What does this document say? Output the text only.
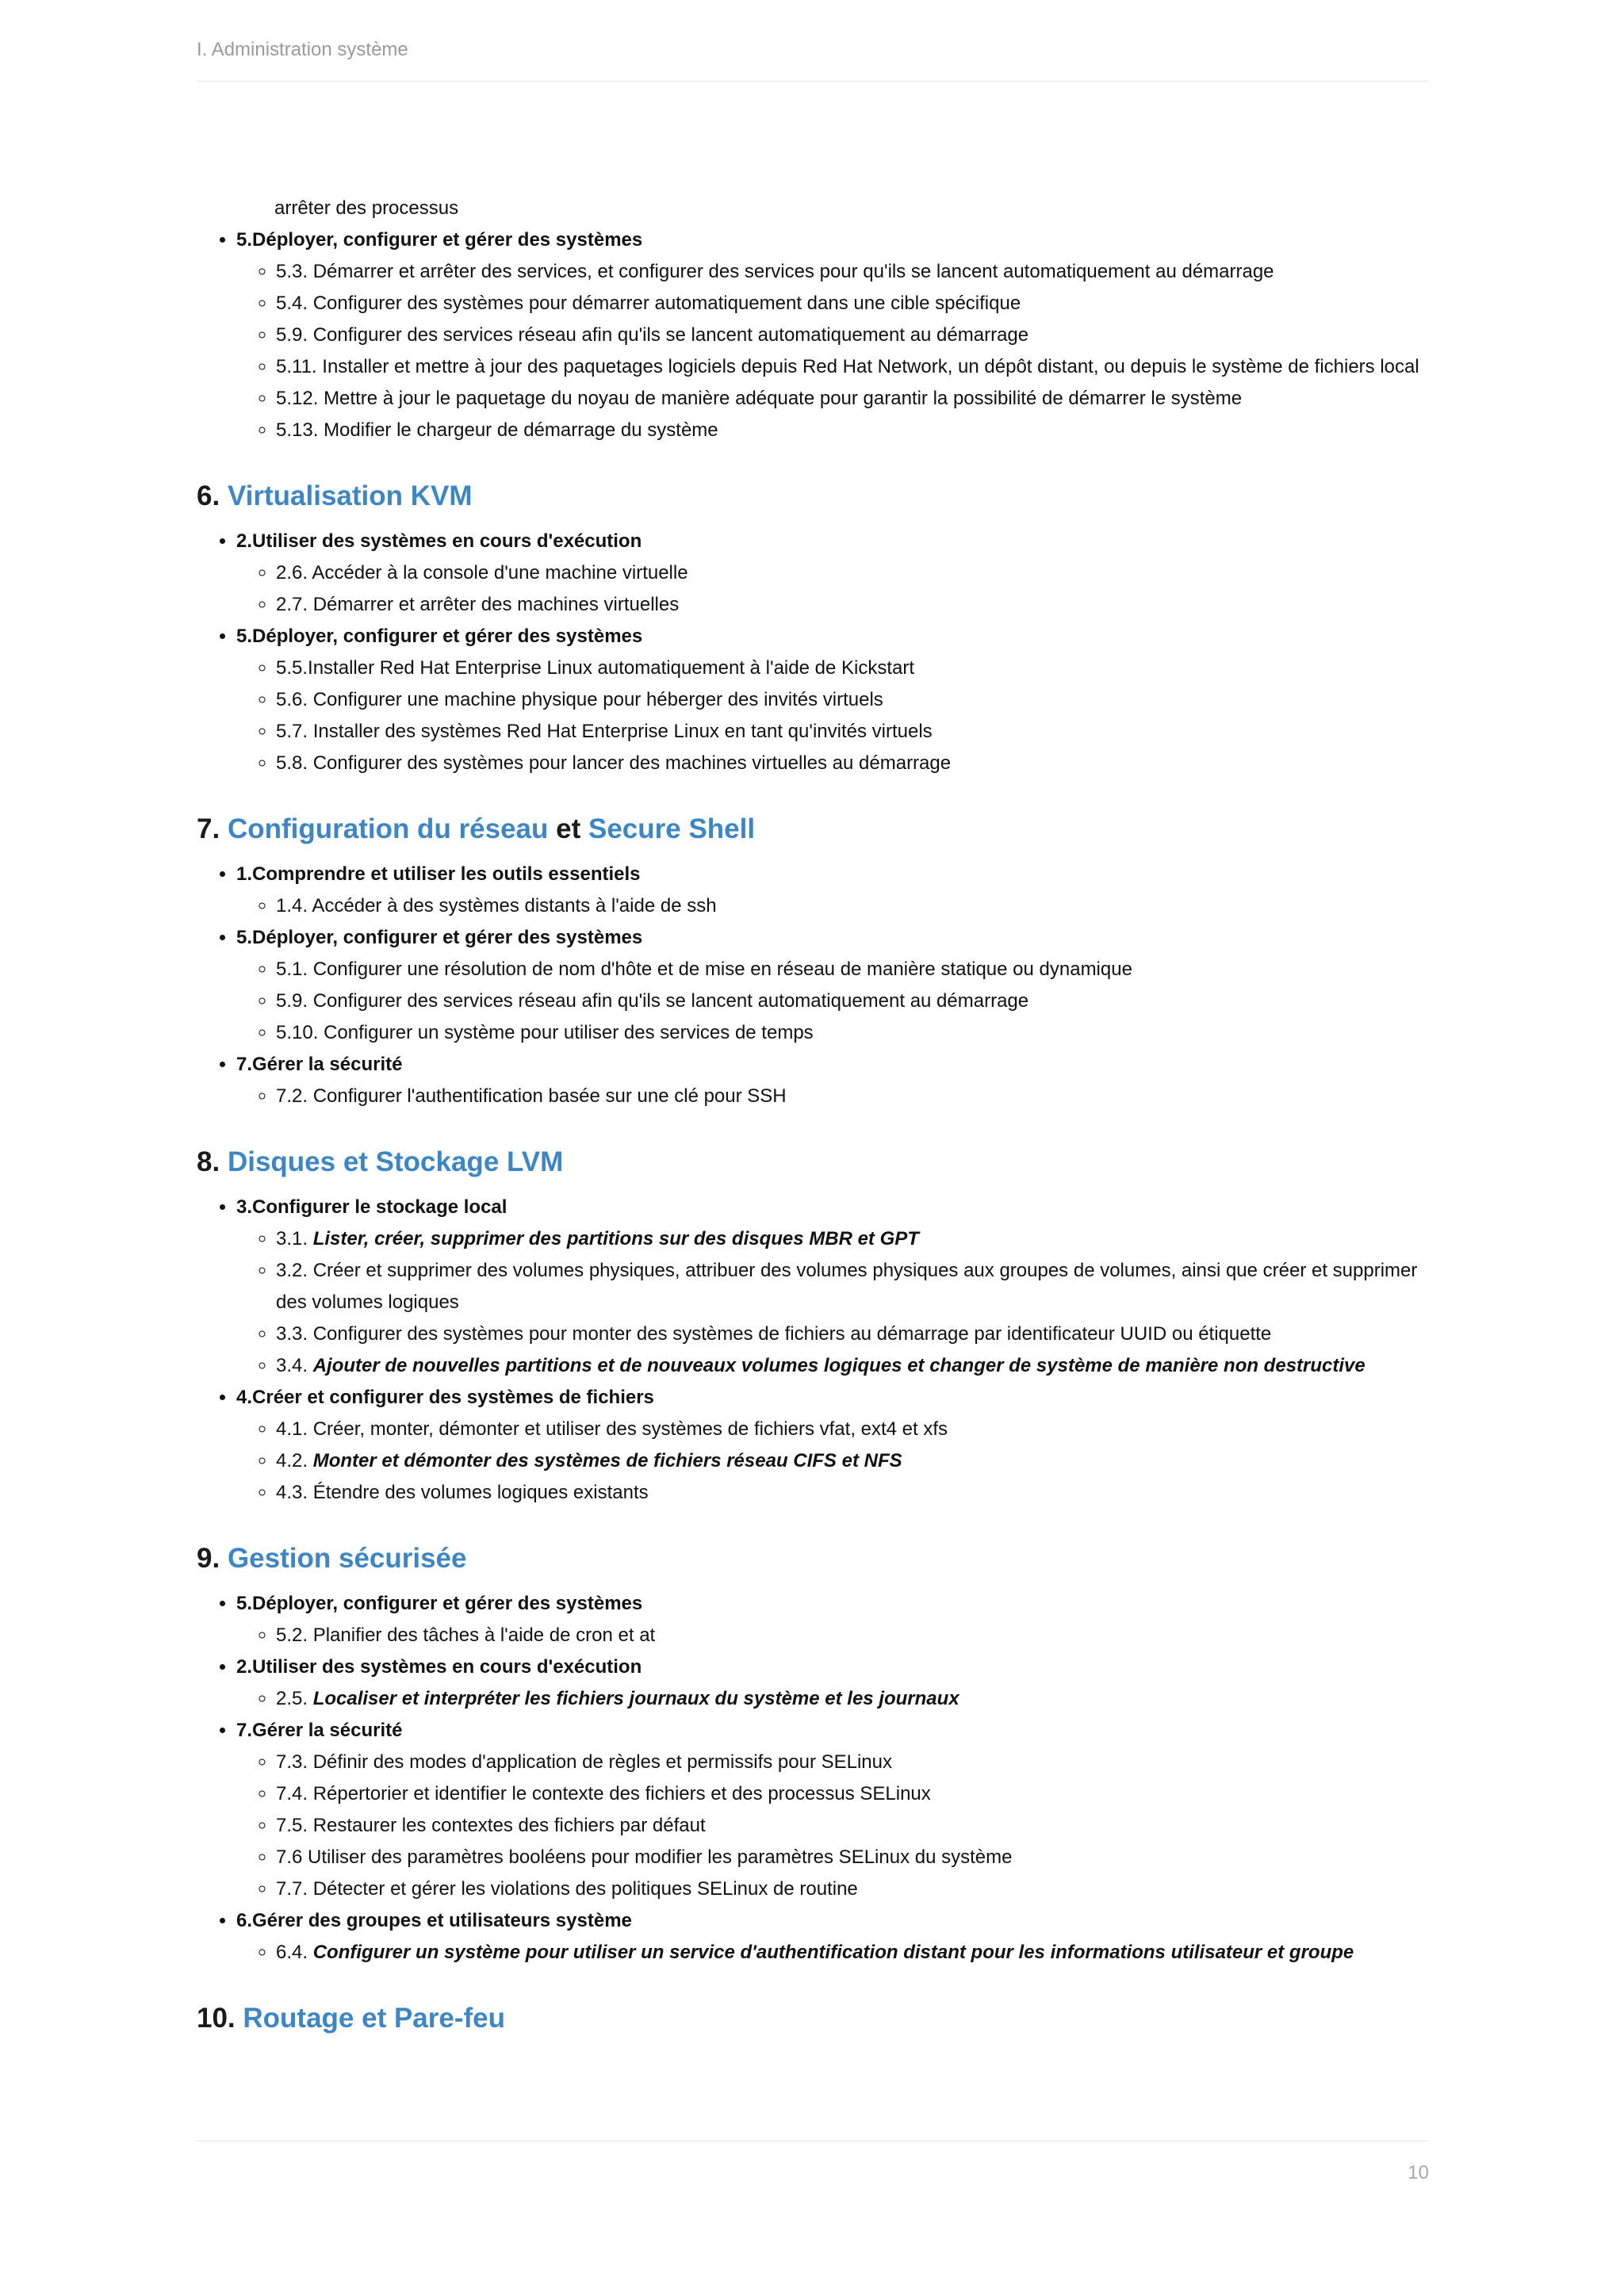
I. Administration système

arrêter des processus

• 5.Déployer, configurer et gérer des systèmes
◦ 5.3. Démarrer et arrêter des services, et configurer des services pour qu'ils se lancent automatiquement au démarrage
◦ 5.4. Configurer des systèmes pour démarrer automatiquement dans une cible spécifique
◦ 5.9. Configurer des services réseau afin qu'ils se lancent automatiquement au démarrage
◦ 5.11. Installer et mettre à jour des paquetages logiciels depuis Red Hat Network, un dépôt distant, ou depuis le système de fichiers local
◦ 5.12. Mettre à jour le paquetage du noyau de manière adéquate pour garantir la possibilité de démarrer le système
◦ 5.13. Modifier le chargeur de démarrage du système
6. Virtualisation KVM
• 2.Utiliser des systèmes en cours d'exécution
◦ 2.6. Accéder à la console d'une machine virtuelle
◦ 2.7. Démarrer et arrêter des machines virtuelles
• 5.Déployer, configurer et gérer des systèmes
◦ 5.5.Installer Red Hat Enterprise Linux automatiquement à l'aide de Kickstart
◦ 5.6. Configurer une machine physique pour héberger des invités virtuels
◦ 5.7. Installer des systèmes Red Hat Enterprise Linux en tant qu'invités virtuels
◦ 5.8. Configurer des systèmes pour lancer des machines virtuelles au démarrage
7. Configuration du réseau et Secure Shell
• 1.Comprendre et utiliser les outils essentiels
◦ 1.4. Accéder à des systèmes distants à l'aide de ssh
• 5.Déployer, configurer et gérer des systèmes
◦ 5.1. Configurer une résolution de nom d'hôte et de mise en réseau de manière statique ou dynamique
◦ 5.9. Configurer des services réseau afin qu'ils se lancent automatiquement au démarrage
◦ 5.10. Configurer un système pour utiliser des services de temps
• 7.Gérer la sécurité
◦ 7.2. Configurer l'authentification basée sur une clé pour SSH
8. Disques et Stockage LVM
• 3.Configurer le stockage local
◦ 3.1. Lister, créer, supprimer des partitions sur des disques MBR et GPT
◦ 3.2. Créer et supprimer des volumes physiques, attribuer des volumes physiques aux groupes de volumes, ainsi que créer et supprimer des volumes logiques
◦ 3.3. Configurer des systèmes pour monter des systèmes de fichiers au démarrage par identificateur UUID ou étiquette
◦ 3.4. Ajouter de nouvelles partitions et de nouveaux volumes logiques et changer de système de manière non destructive
• 4.Créer et configurer des systèmes de fichiers
◦ 4.1. Créer, monter, démonter et utiliser des systèmes de fichiers vfat, ext4 et xfs
◦ 4.2. Monter et démonter des systèmes de fichiers réseau CIFS et NFS
◦ 4.3. Étendre des volumes logiques existants
9. Gestion sécurisée
• 5.Déployer, configurer et gérer des systèmes
◦ 5.2. Planifier des tâches à l'aide de cron et at
• 2.Utiliser des systèmes en cours d'exécution
◦ 2.5. Localiser et interpréter les fichiers journaux du système et les journaux
• 7.Gérer la sécurité
◦ 7.3. Définir des modes d'application de règles et permissifs pour SELinux
◦ 7.4. Répertorier et identifier le contexte des fichiers et des processus SELinux
◦ 7.5. Restaurer les contextes des fichiers par défaut
◦ 7.6 Utiliser des paramètres booléens pour modifier les paramètres SELinux du système
◦ 7.7. Détecter et gérer les violations des politiques SELinux de routine
• 6.Gérer des groupes et utilisateurs système
◦ 6.4. Configurer un système pour utiliser un service d'authentification distant pour les informations utilisateur et groupe
10. Routage et Pare-feu
10
